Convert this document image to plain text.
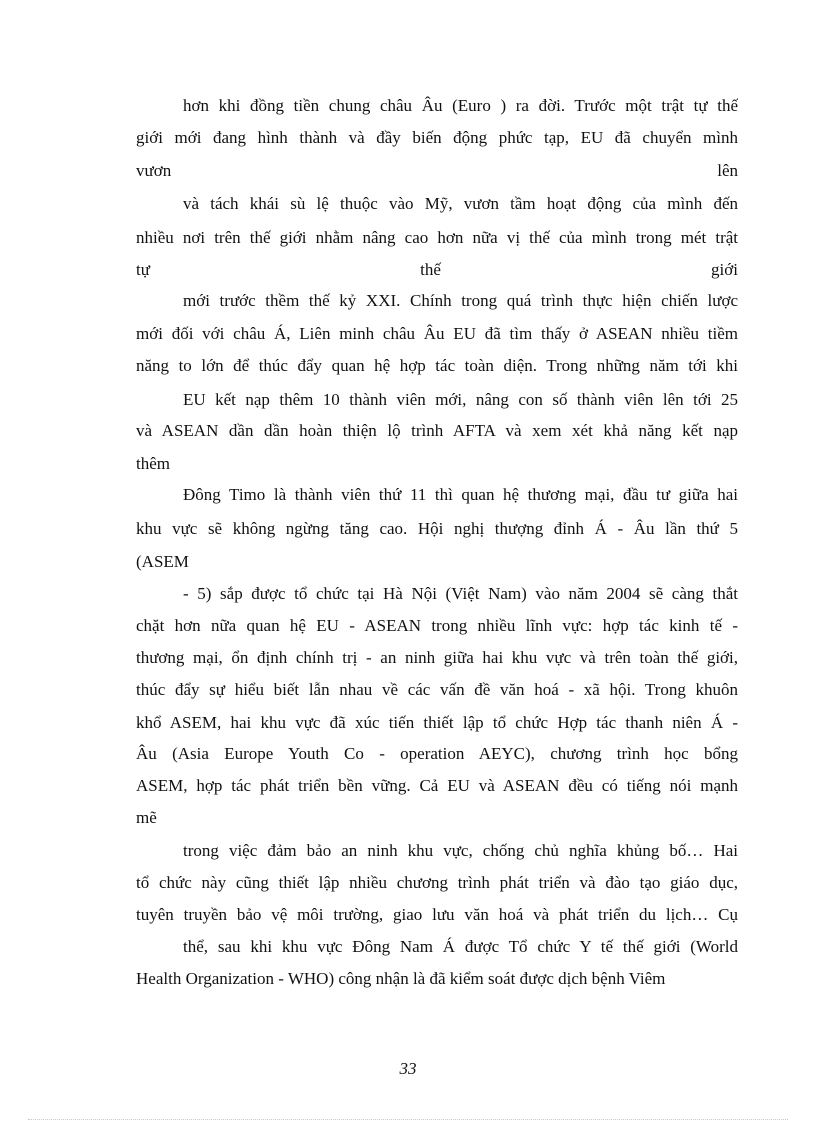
hơn khi đồng tiền chung châu Âu (Euro ) ra đời. Trước một trật tự thế
giới mới đang hình thành và đầy biến động phức tạp, EU đã chuyển mình
vươn lên
và tách khái sù lệ thuộc vào Mỹ, vươn tầm hoạt động của mình đến
nhiều nơi trên thế giới nhằm nâng cao hơn nữa vị thế của mình trong mét trật
tự thế giới
mới trước thềm thế kỷ XXI. Chính trong quá trình thực hiện chiến lược
mới đối với châu Á, Liên minh châu Âu EU đã tìm thấy ở ASEAN nhiều tiềm
năng to lớn để thúc đẩy quan hệ hợp tác toàn diện. Trong những năm tới khi
EU kết nạp thêm 10 thành viên mới, nâng con số thành viên lên tới 25
và ASEAN dần dần hoàn thiện lộ trình AFTA và xem xét khả năng kết nạp
thêm
Đông Timo là thành viên thứ 11 thì quan hệ thương mại, đầu tư giữa hai
khu vực sẽ không ngừng tăng cao. Hội nghị thượng đỉnh Á - Âu lần thứ 5
(ASEM
- 5) sắp được tổ chức tại Hà Nội (Việt Nam) vào năm 2004 sẽ càng thắt
chặt hơn nữa quan hệ EU - ASEAN trong nhiều lĩnh vực: hợp tác kinh tế -
thương mại, ổn định chính trị - an ninh giữa hai khu vực và trên toàn thế giới,
thúc đẩy sự hiểu biết lẫn nhau về các vấn đề văn hoá - xã hội. Trong khuôn
khổ ASEM, hai khu vực đã xúc tiến thiết lập tổ chức Hợp tác thanh niên Á -
Âu (Asia Europe Youth Co - operation AEYC), chương trình học bổng
ASEM, hợp tác phát triển bền vững. Cả EU và ASEAN đều có tiếng nói mạnh
mẽ
trong việc đảm bảo an ninh khu vực, chống chủ nghĩa khủng bố… Hai
tổ chức này cũng thiết lập nhiều chương trình phát triển và đào tạo giáo dục,
tuyên truyền bảo vệ môi trường, giao lưu văn hoá và phát triển du lịch… Cụ
thể, sau khi khu vực Đông Nam Á được Tổ chức Y tế thế giới (World
Health Organization - WHO) công nhận là đã kiểm soát được dịch bệnh Viêm
33
